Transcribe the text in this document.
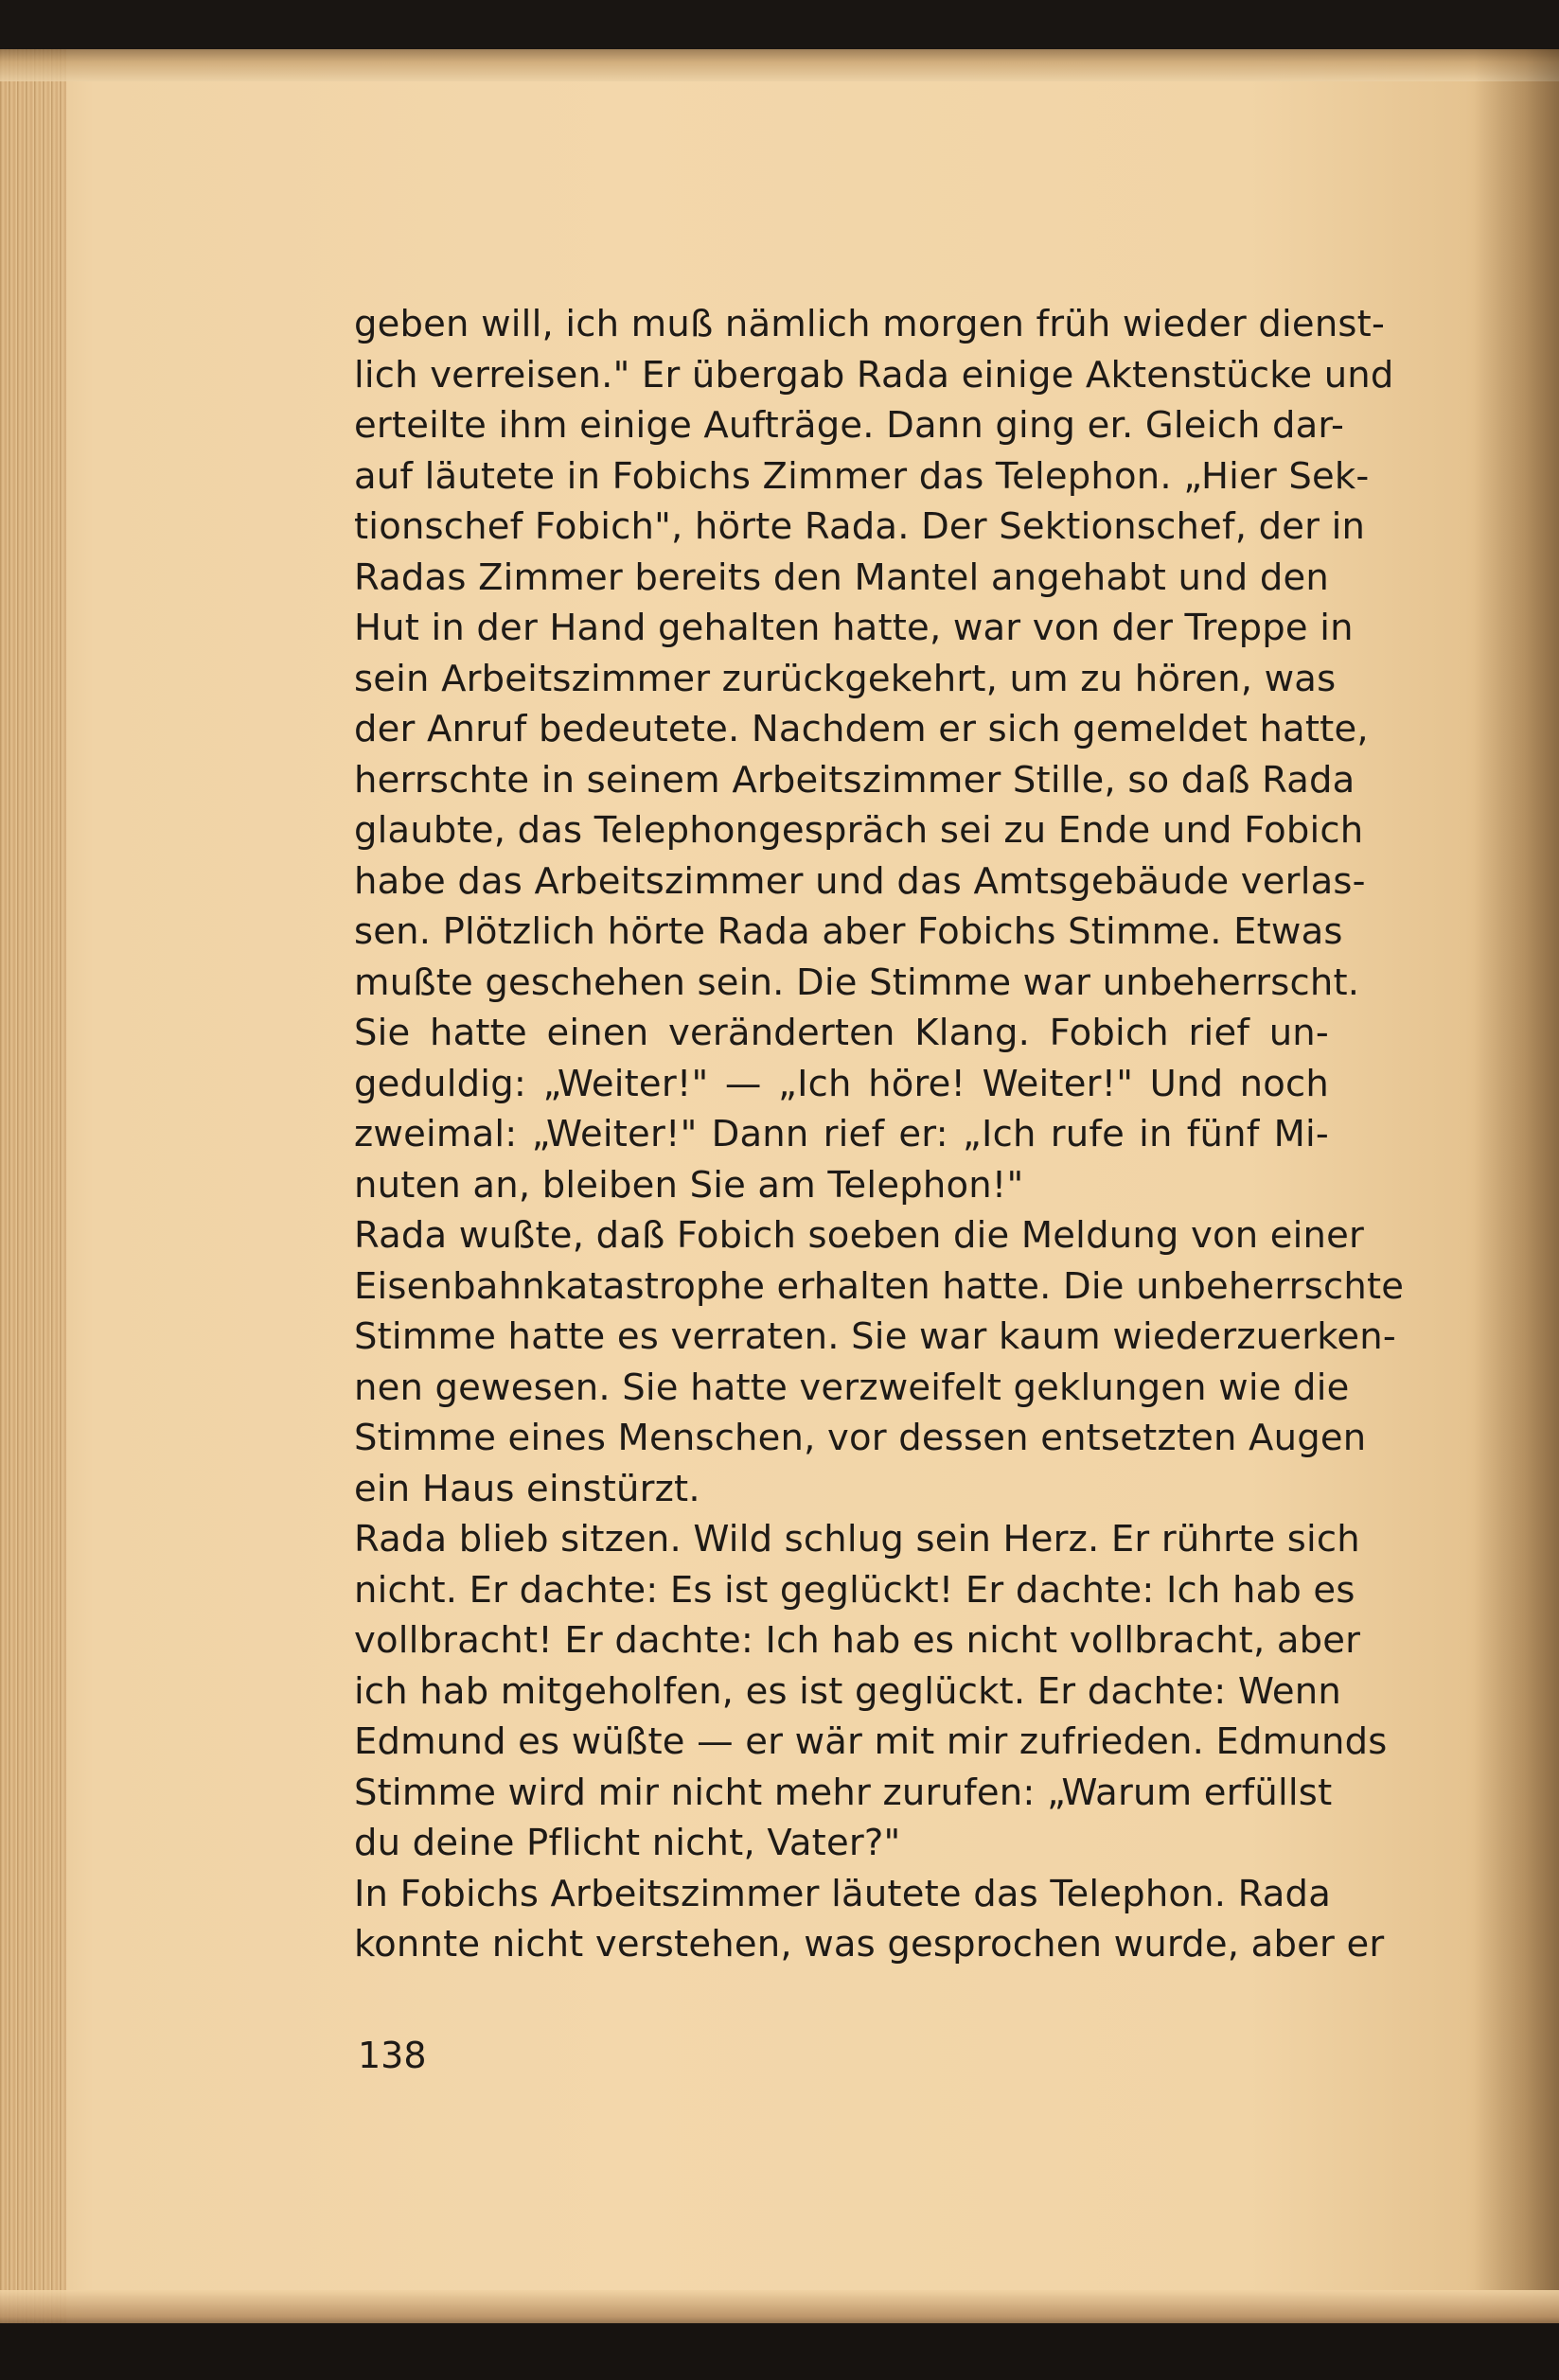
geben will, ich muß nämlich morgen früh wieder dienst-
lich verreisen." Er übergab Rada einige Aktenstücke und
erteilte ihm einige Aufträge. Dann ging er. Gleich dar-
auf läutete in Fobichs Zimmer das Telephon. „Hier Sek-
tionschef Fobich", hörte Rada. Der Sektionschef, der in
Radas Zimmer bereits den Mantel angehabt und den
Hut in der Hand gehalten hatte, war von der Treppe in
sein Arbeitszimmer zurückgekehrt, um zu hören, was
der Anruf bedeutete. Nachdem er sich gemeldet hatte,
herrschte in seinem Arbeitszimmer Stille, so daß Rada
glaubte, das Telephongespräch sei zu Ende und Fobich
habe das Arbeitszimmer und das Amtsgebäude verlas-
sen. Plötzlich hörte Rada aber Fobichs Stimme. Etwas
mußte geschehen sein. Die Stimme war unbeherrscht.
Sie hatte einen veränderten Klang. Fobich rief un-
geduldig: „Weiter!" — „Ich höre! Weiter!" Und noch
zweimal: „Weiter!" Dann rief er: „Ich rufe in fünf Mi-
nuten an, bleiben Sie am Telephon!"
Rada wußte, daß Fobich soeben die Meldung von einer
Eisenbahnkatastrophe erhalten hatte. Die unbeherrschte
Stimme hatte es verraten. Sie war kaum wiederzuerken-
nen gewesen. Sie hatte verzweifelt geklungen wie die
Stimme eines Menschen, vor dessen entsetzten Augen
ein Haus einstürzt.
Rada blieb sitzen. Wild schlug sein Herz. Er rührte sich
nicht. Er dachte: Es ist geglückt! Er dachte: Ich hab es
vollbracht! Er dachte: Ich hab es nicht vollbracht, aber
ich hab mitgeholfen, es ist geglückt. Er dachte: Wenn
Edmund es wüßte — er wär mit mir zufrieden. Edmunds
Stimme wird mir nicht mehr zurufen: „Warum erfüllst
du deine Pflicht nicht, Vater?"
In Fobichs Arbeitszimmer läutete das Telephon. Rada
konnte nicht verstehen, was gesprochen wurde, aber er
138
